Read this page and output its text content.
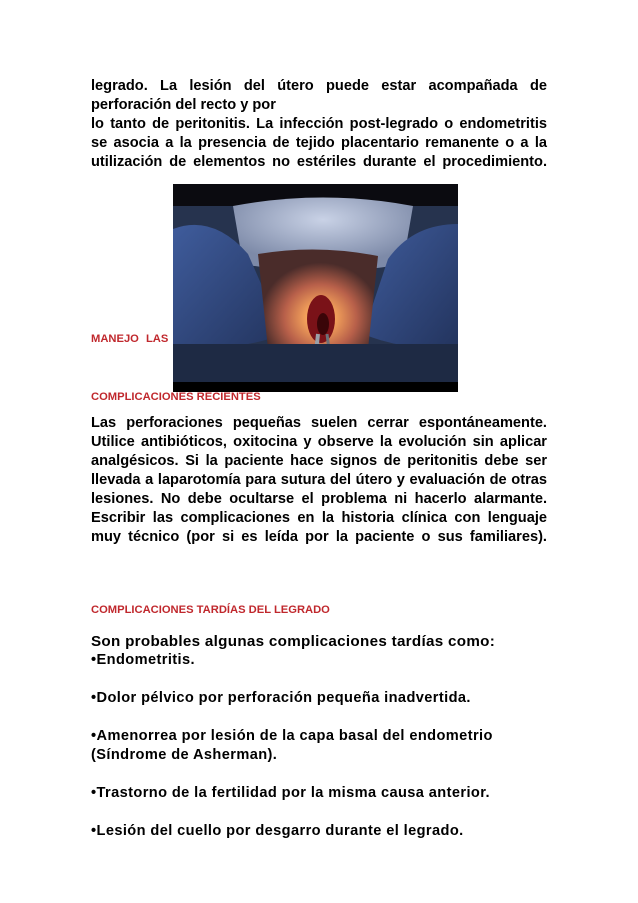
legrado. La lesión del útero puede estar acompañada de
perforación del recto y por
lo tanto de peritonitis. La infección post-legrado o endometritis
se asocia a la presencia de tejido placentario remanente o a la
utilización de elementos no estériles durante el procedimiento.

MANEJO LAS

COMPLICACIONES RECIENTES

Las perforaciones pequeñas suelen cerrar espontáneamente.
Utilice antibióticos, oxitocina y observe la evolución sin aplicar
analgésicos. Si la paciente hace signos de peritonitis debe ser
llevada a laparotomía para sutura del útero y evaluación de otras
lesiones. No debe ocultarse el problema ni hacerlo alarmante.
Escribir las complicaciones en la historia clínica con lenguaje
muy técnico (por si es leída por la paciente o sus familiares).

COMPLICACIONES TARDÍAS DEL LEGRADO

Son probables algunas complicaciones tardías como:
•Endometritis.
•Dolor pélvico por perforación pequeña inadvertida.
•Amenorrea por lesión de la capa basal del endometrio
(Síndrome de Asherman).
•Trastorno de la fertilidad por la misma causa anterior.
•Lesión del cuello por desgarro durante el legrado.
